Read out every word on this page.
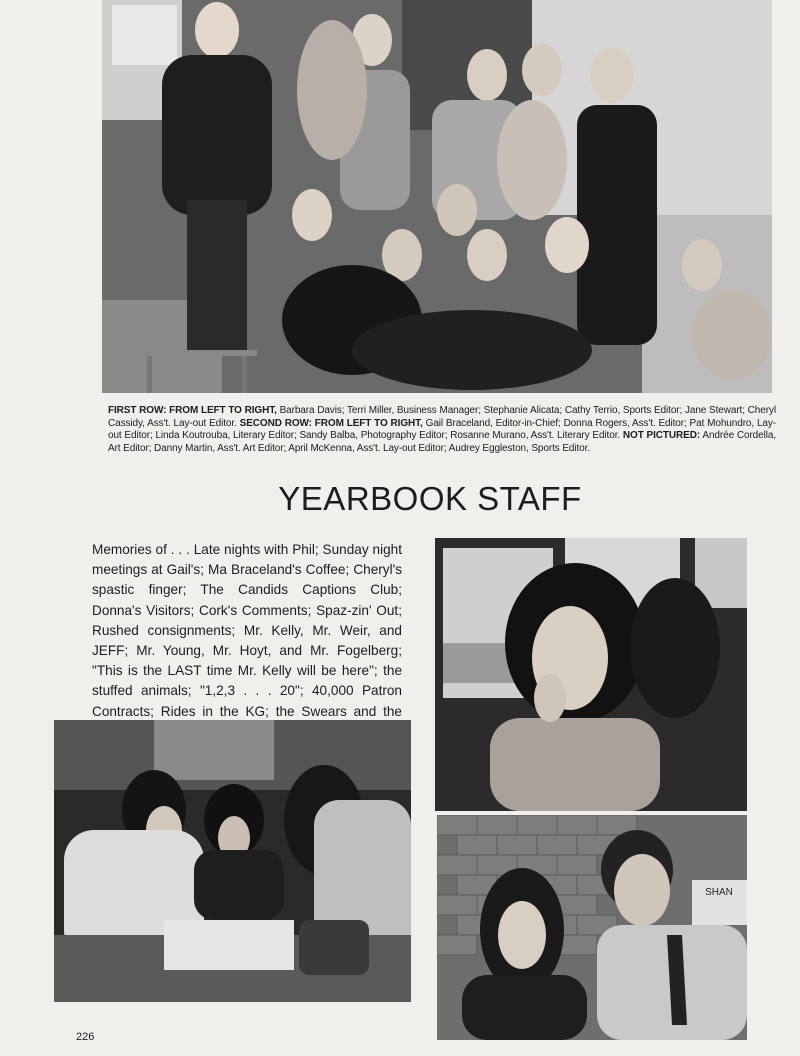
FIRST ROW: FROM LEFT TO RIGHT, Barbara Davis; Terri Miller, Business Manager; Stephanie Alicata; Cathy Terrio, Sports Editor; Jane Stewart; Cheryl Cassidy, Ass't. Lay-out Editor. SECOND ROW: FROM LEFT TO RIGHT, Gail Braceland, Editor-in-Chief; Donna Rogers, Ass't. Editor; Pat Mohundro, Lay-out Editor; Linda Koutrouba, Literary Editor; Sandy Balba, Photography Editor; Rosanne Murano, Ass't. Literary Editor. NOT PICTURED: Andrée Cordella, Art Editor; Danny Martin, Ass't. Art Editor; April McKenna, Ass't. Lay-out Editor; Audrey Eggleston, Sports Editor.
YEARBOOK STAFF
Memories of . . . Late nights with Phil; Sunday night meetings at Gail's; Ma Braceland's Coffee; Cheryl's spastic finger; The Candids Captions Club; Donna's Visitors; Cork's Comments; Spaz-zin' Out; Rushed consignments; Mr. Kelly, Mr. Weir, and JEFF; Mr. Young, Mr. Hoyt, and Mr. Fogelberg; "This is the LAST time Mr. Kelly will be here"; the stuffed animals; "1,2,3 . . . 20"; 40,000 Patron Contracts; Rides in the KG; the Swears and the
SHAN
226
